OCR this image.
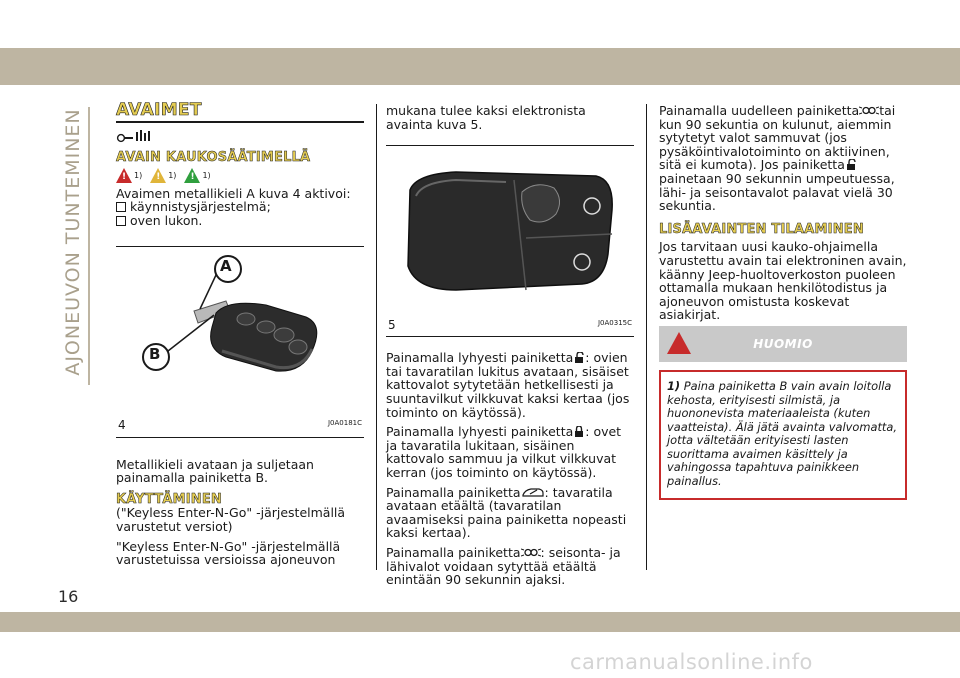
AJONEUVON TUNTEMINEN AVAIMET
AVAIN KAUKOSÄÄTIMELLÄ
! 1) ! 1) ! 1)

Avaimen metallikieli A kuva 4 aktivoi:

käynnistysjärjestelmä;
oven lukon.
A
B
4	J0A0181C

Metallikieli avataan ja suljetaan painamalla painiketta B.

KÄYTTÄMINEN

("Keyless Enter-N-Go" -järjestelmällä varustetut versiot)

"Keyless Enter-N-Go" -järjestelmällä varustetuissa versioissa ajoneuvon

mukana tulee kaksi elektronista avainta kuva 5.

5	J0A0315C

Painamalla lyhyesti painiketta : ovien tai tavaratilan lukitus avataan, sisäiset kattovalot sytytetään hetkellisesti ja suuntavilkut vilkkuvat kaksi kertaa (jos toiminto on käytössä).

Painamalla lyhyesti painiketta : ovet ja tavaratila lukitaan, sisäinen kattovalo sammuu ja vilkut vilkkuvat kerran (jos toiminto on käytössä).

Painamalla painiketta : tavaratila avataan etäältä (tavaratilan avaamiseksi paina painiketta nopeasti kaksi kertaa).

Painamalla painiketta : seisonta- ja lähivalot voidaan sytyttää etäältä enintään 90 sekunnin ajaksi.

Painamalla uudelleen painiketta tai kun 90 sekuntia on kulunut, aiemmin sytytetyt valot sammuvat (jos pysäköintivalotoiminto on aktiivinen, sitä ei kumota). Jos painikettapainetaan 90 sekunnin umpeutuessa, lähi- ja seisontavalot palavat vielä 30 sekuntia.

LISÄAVAINTEN TILAAMINEN

Jos tarvitaan uusi kauko-ohjaimella varustettu avain tai elektroninen avain, käänny Jeep-huoltoverkoston puoleen ottamalla mukaan henkilötodistus ja ajoneuvon omistusta koskevat asiakirjat.

HUOMIO
1) Paina painiketta B vain avain loitolla kehosta, erityisesti silmistä, ja huononevista materiaaleista (kuten vaatteista). Älä jätä avainta valvomatta, jotta vältetään erityisesti lasten suorittama avaimen käsittely ja vahingossa tapahtuva painikkeen painallus.
16
carmanualsonline.info
